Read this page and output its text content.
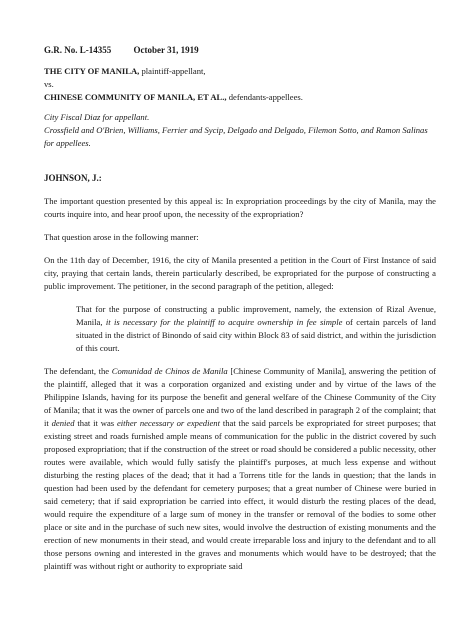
G.R. No. L-14355 October 31, 1919
THE CITY OF MANILA, plaintiff-appellant,
vs.
CHINESE COMMUNITY OF MANILA, ET AL., defendants-appellees.
City Fiscal Diaz for appellant.
Crossfield and O'Brien, Williams, Ferrier and Sycip, Delgado and Delgado, Filemon Sotto, and Ramon Salinas for appellees.
JOHNSON, J.:

The important question presented by this appeal is: In expropriation proceedings by the city of Manila, may the courts inquire into, and hear proof upon, the necessity of the expropriation?

That question arose in the following manner:

On the 11th day of December, 1916, the city of Manila presented a petition in the Court of First Instance of said city, praying that certain lands, therein particularly described, be expropriated for the purpose of constructing a public improvement. The petitioner, in the second paragraph of the petition, alleged:

That for the purpose of constructing a public improvement, namely, the extension of Rizal Avenue, Manila, it is necessary for the plaintiff to acquire ownership in fee simple of certain parcels of land situated in the district of Binondo of said city within Block 83 of said district, and within the jurisdiction of this court.

The defendant, the Comunidad de Chinos de Manila [Chinese Community of Manila], answering the petition of the plaintiff, alleged that it was a corporation organized and existing under and by virtue of the laws of the Philippine Islands, having for its purpose the benefit and general welfare of the Chinese Community of the City of Manila; that it was the owner of parcels one and two of the land described in paragraph 2 of the complaint; that it denied that it was either necessary or expedient that the said parcels be expropriated for street purposes; that existing street and roads furnished ample means of communication for the public in the district covered by such proposed expropriation; that if the construction of the street or road should be considered a public necessity, other routes were available, which would fully satisfy the plaintiff's purposes, at much less expense and without disturbing the resting places of the dead; that it had a Torrens title for the lands in question; that the lands in question had been used by the defendant for cemetery purposes; that a great number of Chinese were buried in said cemetery; that if said expropriation be carried into effect, it would disturb the resting places of the dead, would require the expenditure of a large sum of money in the transfer or removal of the bodies to some other place or site and in the purchase of such new sites, would involve the destruction of existing monuments and the erection of new monuments in their stead, and would create irreparable loss and injury to the defendant and to all those persons owning and interested in the graves and monuments which would have to be destroyed; that the plaintiff was without right or authority to expropriate said
